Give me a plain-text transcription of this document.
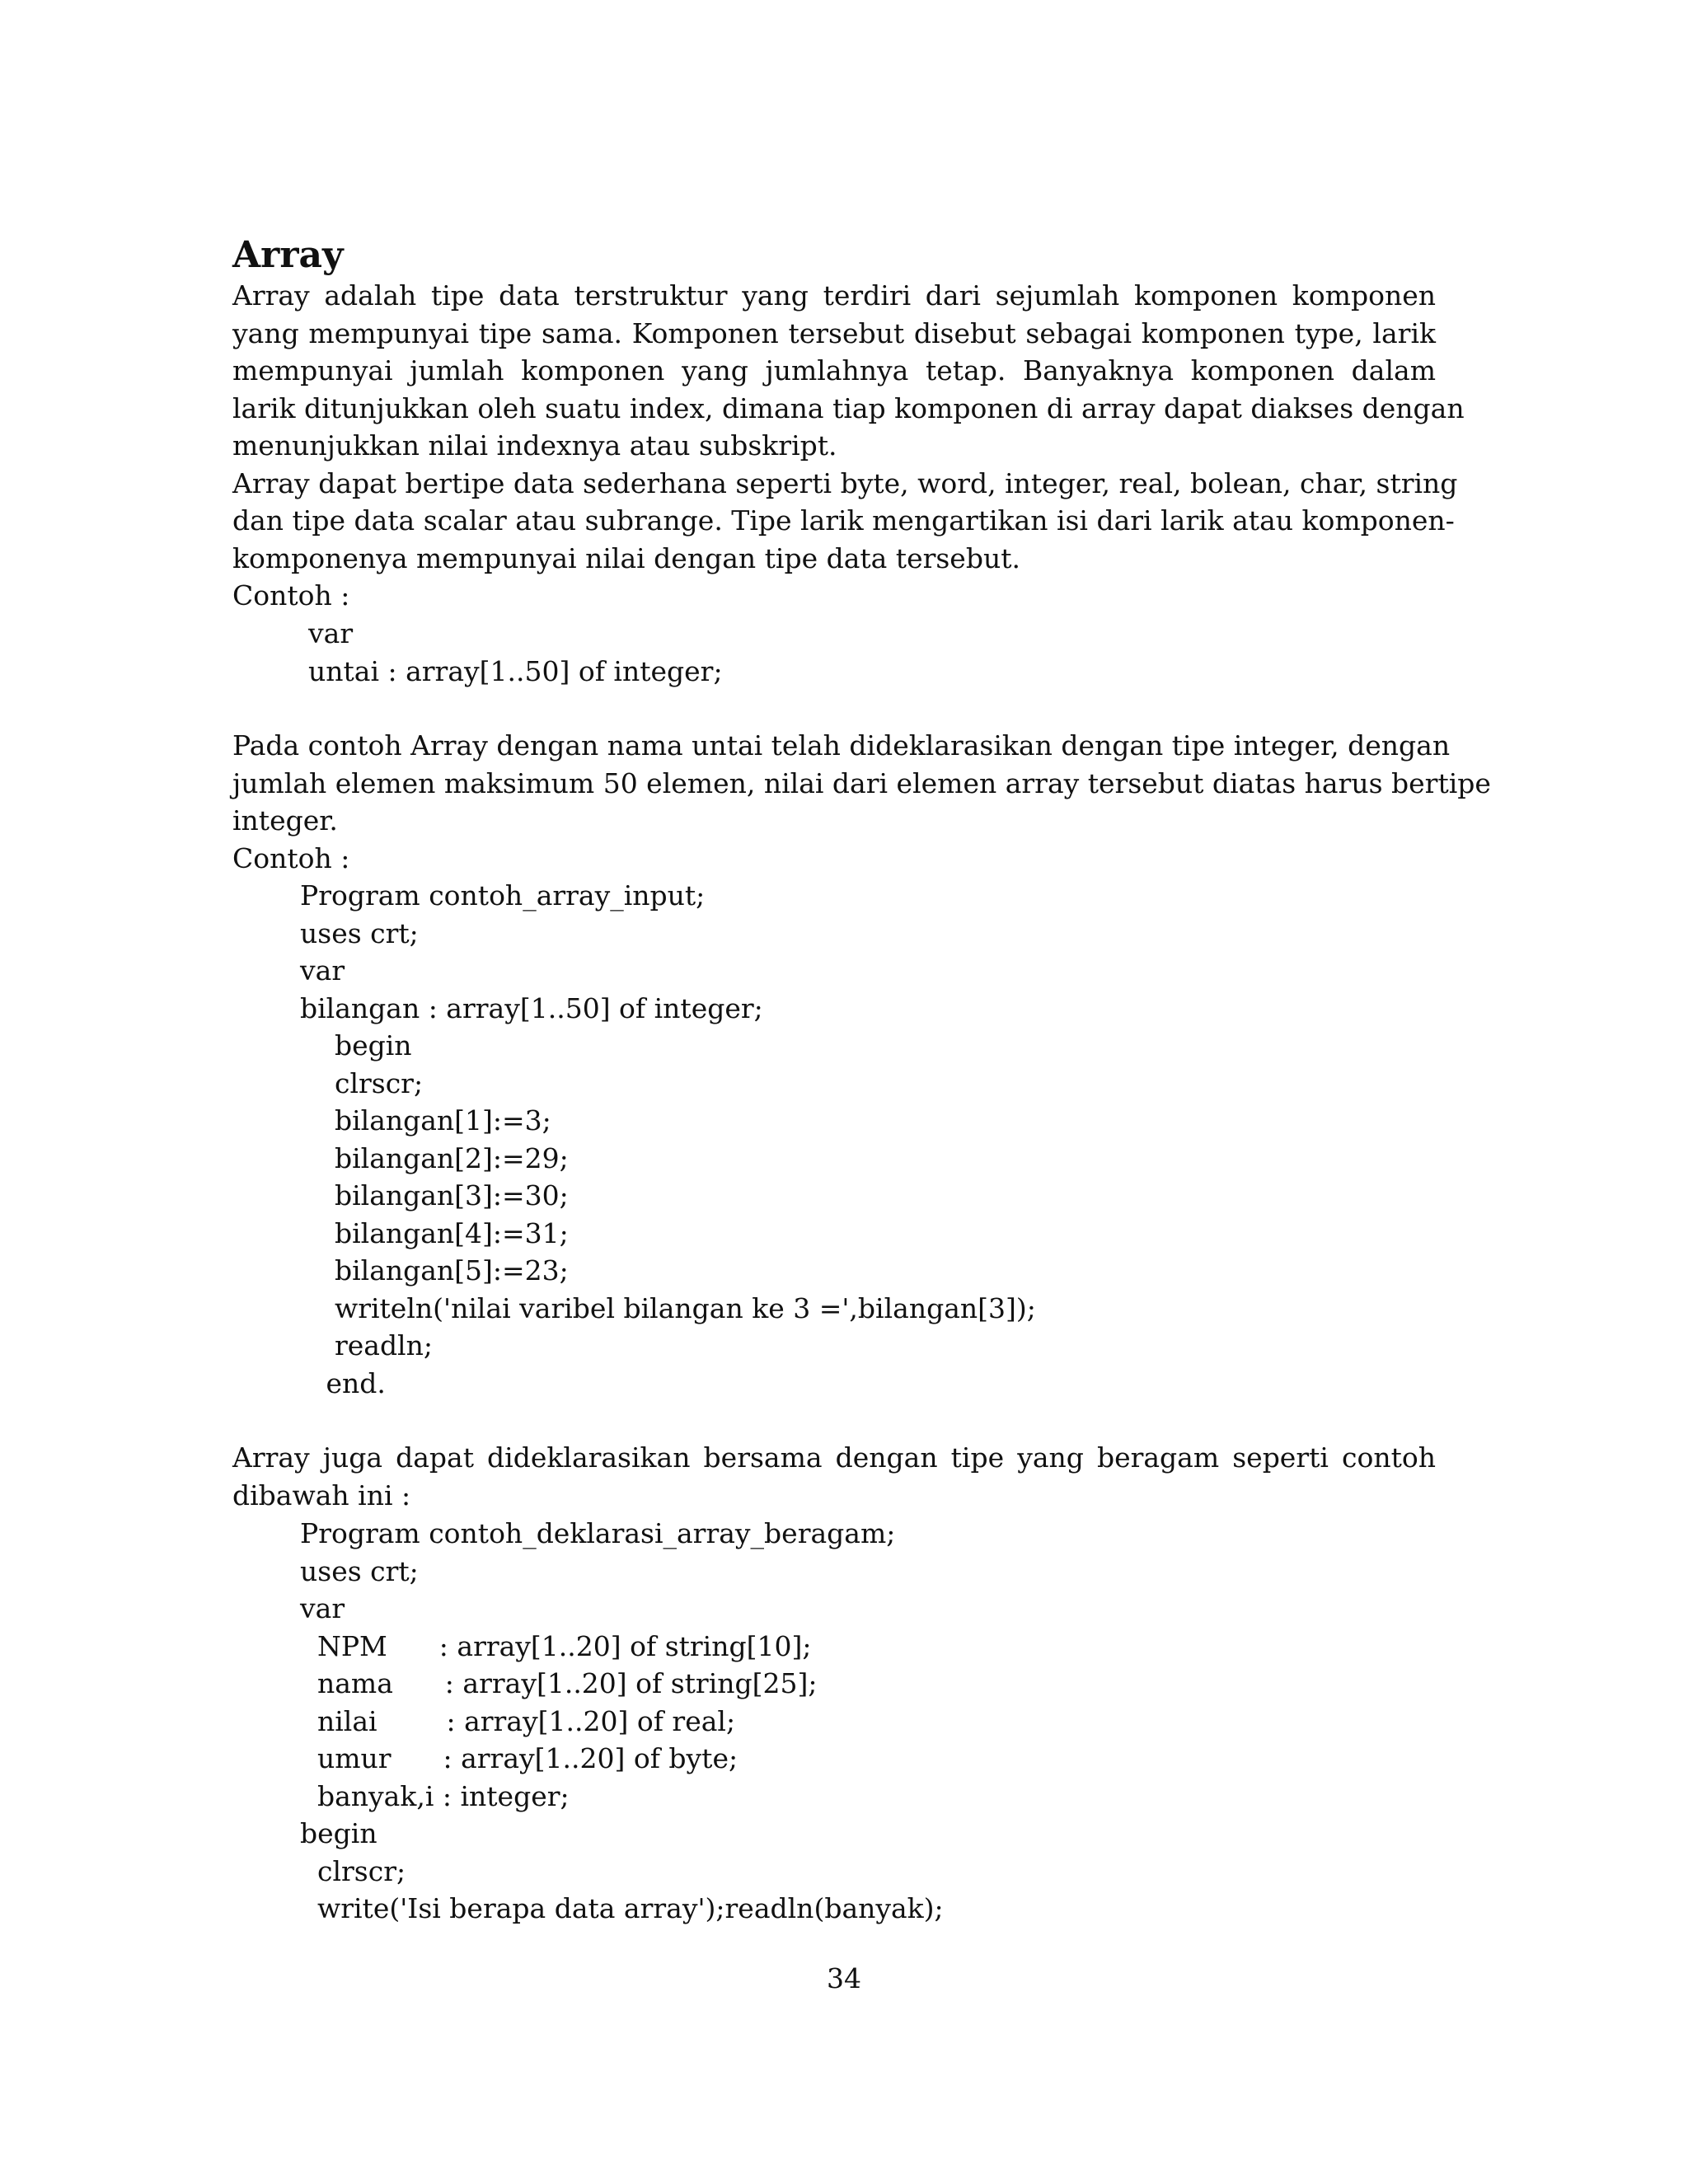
Array
Array adalah tipe data terstruktur yang terdiri dari sejumlah komponen komponen
yang mempunyai tipe sama. Komponen tersebut disebut sebagai komponen type, larik
mempunyai jumlah komponen yang jumlahnya tetap. Banyaknya komponen dalam
larik ditunjukkan oleh suatu index, dimana tiap komponen di array dapat diakses dengan
menunjukkan nilai indexnya atau subskript.
Array dapat bertipe data sederhana seperti byte, word, integer, real, bolean, char, string
dan tipe data scalar atau subrange. Tipe larik mengartikan isi dari larik atau komponen-
komponenya mempunyai nilai dengan tipe data tersebut.
Contoh :
var
untai : array[1..50] of integer;
Pada contoh Array dengan nama untai telah dideklarasikan dengan tipe integer, dengan
jumlah elemen maksimum 50 elemen, nilai dari elemen array tersebut diatas harus bertipe
integer.
Contoh :
Program contoh_array_input;
uses crt;
var
bilangan : array[1..50] of integer;
begin
clrscr;
bilangan[1]:=3;
bilangan[2]:=29;
bilangan[3]:=30;
bilangan[4]:=31;
bilangan[5]:=23;
writeln('nilai varibel bilangan ke 3 =',bilangan[3]);
readln;
end.
Array juga dapat dideklarasikan bersama dengan tipe yang beragam seperti contoh
dibawah ini :
Program contoh_deklarasi_array_beragam;
uses crt;
var
NPM      : array[1..20] of string[10];
nama      : array[1..20] of string[25];
nilai        : array[1..20] of real;
umur      : array[1..20] of byte;
banyak,i : integer;
begin
clrscr;
write('Isi berapa data array');readln(banyak);
34
